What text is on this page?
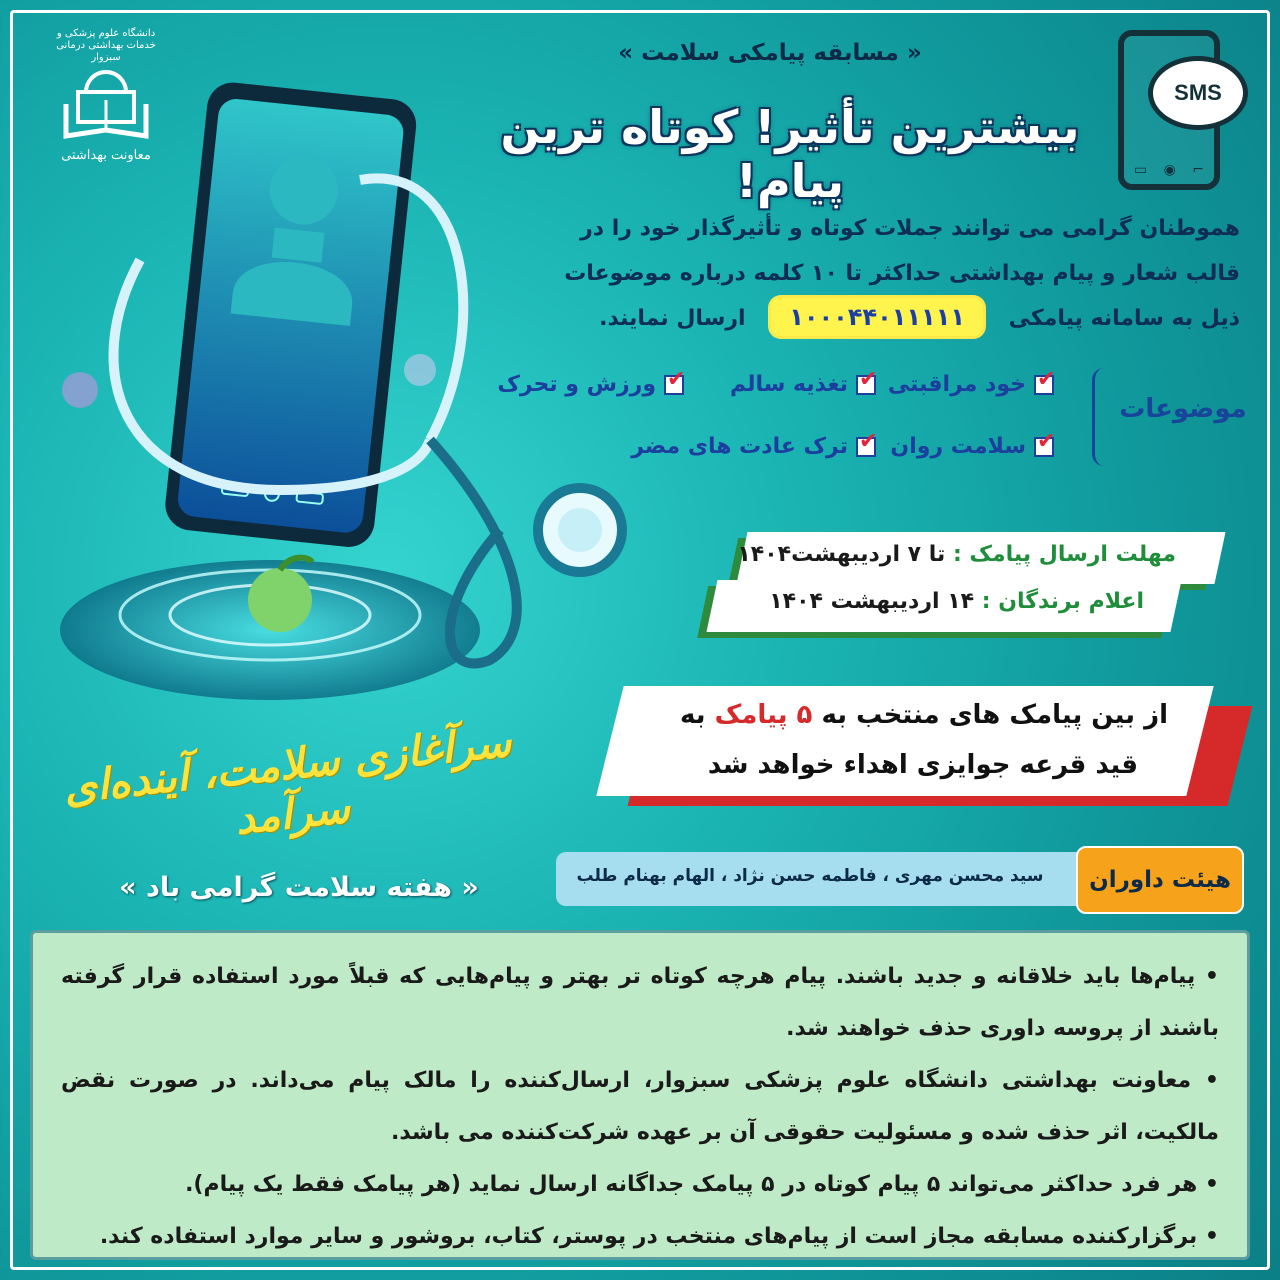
دانشگاه علوم پزشکی و خدمات بهداشتی درمانی سبزوار
معاونت بهداشتی
⌐
◉
▭
SMS
« مسابقه پیامکی سلامت »
بیشترین تأثیر! کوتاه ترین پیام!
هموطنان گرامی می توانند جملات کوتاه و تأثیرگذار خود را در
قالب شعار و پیام بهداشتی حداکثر تا ۱۰ کلمه درباره موضوعات
ذیل به سامانه پیامکی ۱۰۰۰۴۴۰۱۱۱۱۱ ارسال نمایند.
موضوعات
✔
خود مراقبتی
✔
تغذیه سالم
✔
ورزش و تحرک
✔
سلامت روان
✔
ترک عادت های مضر
مهلت ارسال پیامک : تا ۷ اردیبهشت۱۴۰۴
اعلام برندگان : ۱۴ اردیبهشت ۱۴۰۴
از بین پیامک های منتخب به ۵ پیامک به
قید قرعه جوایزی اهداء خواهد شد
سید محسن مهری ، فاطمه حسن نژاد ، الهام بهنام طلب	هیئت داوران
سرآغازی سلامت، آینده‌ای سرآمد
« هفته سلامت گرامی باد »

• پیام‌ها باید خلاقانه و جدید باشند. پیام هرچه کوتاه تر بهتر و پیام‌هایی که قبلاً مورد استفاده قرار گرفته باشند از پروسه داوری حذف خواهند شد.

• معاونت بهداشتی دانشگاه علوم پزشکی سبزوار، ارسال‌کننده را مالک پیام می‌داند. در صورت نقض مالکیت، اثر حذف شده و مسئولیت حقوقی آن بر عهده شرکت‌کننده می باشد.

• هر فرد حداکثر می‌تواند ۵ پیام کوتاه در ۵ پیامک جداگانه ارسال نماید (هر پیامک فقط یک پیام).

• برگزارکننده مسابقه مجاز است از پیام‌های منتخب در پوستر، کتاب، بروشور و سایر موارد استفاده کند.
